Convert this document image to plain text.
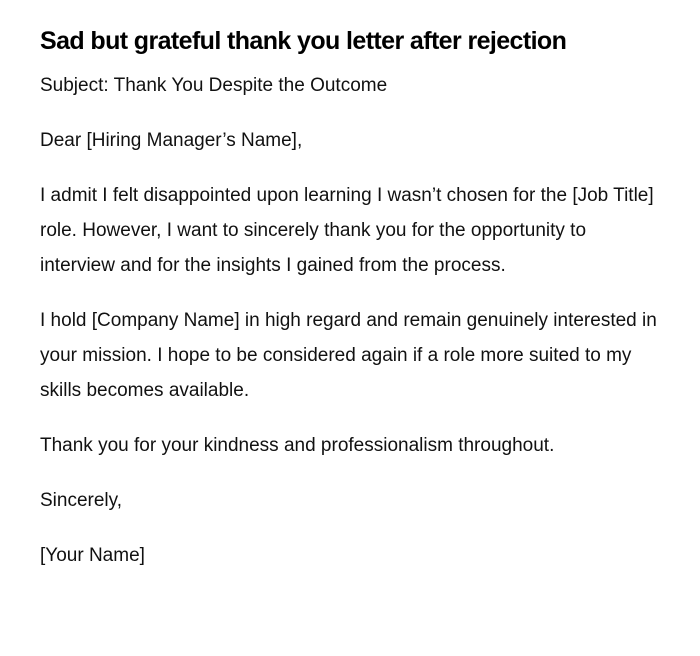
Sad but grateful thank you letter after rejection

Subject: Thank You Despite the Outcome

Dear [Hiring Manager’s Name],

I admit I felt disappointed upon learning I wasn’t chosen for the [Job Title] role. However, I want to sincerely thank you for the opportunity to interview and for the insights I gained from the process.

I hold [Company Name] in high regard and remain genuinely interested in your mission. I hope to be considered again if a role more suited to my skills becomes available.

Thank you for your kindness and professionalism throughout.

Sincerely,

[Your Name]
